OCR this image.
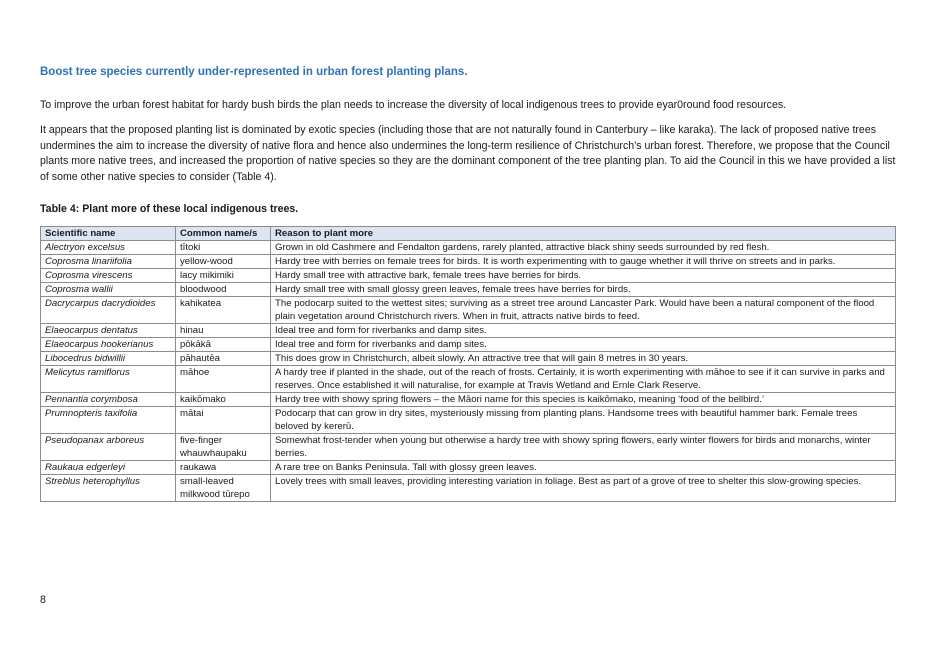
Boost tree species currently under-represented in urban forest planting plans.

To improve the urban forest habitat for hardy bush birds the plan needs to increase the diversity of local indigenous trees to provide eyar0round food resources.

It appears that the proposed planting list is dominated by exotic species (including those that are not naturally found in Canterbury – like karaka). The lack of proposed native trees undermines the aim to increase the diversity of native flora and hence also undermines the long-term resilience of Christchurch’s urban forest. Therefore, we propose that the Council plants more native trees, and increased the proportion of native species so they are the dominant component of the tree planting plan. To aid the Council in this we have provided a list of some other native species to consider (Table 4).

Table 4: Plant more of these local indigenous trees.
Scientific name	Common name/s	Reason to plant more
Alectryon excelsus	tītoki	Grown in old Cashmere and Fendalton gardens, rarely planted, attractive black shiny seeds surrounded by red flesh.
Coprosma linariifolia	yellow-wood	Hardy tree with berries on female trees for birds. It is worth experimenting with to gauge whether it will thrive on streets and in parks.
Coprosma virescens	lacy mikimiki	Hardy small tree with attractive bark, female trees have berries for birds.
Coprosma wallii	bloodwood	Hardy small tree with small glossy green leaves, female trees have berries for birds.
Dacrycarpus dacrydioides	kahikatea	The podocarp suited to the wettest sites; surviving as a street tree around Lancaster Park. Would have been a natural component of the flood plain vegetation around Christchurch rivers. When in fruit, attracts native birds to feed.
Elaeocarpus dentatus	hinau	Ideal tree and form for riverbanks and damp sites.
Elaeocarpus hookerianus	pōkākā	Ideal tree and form for riverbanks and damp sites.
Libocedrus bidwillii	pāhautēa	This does grow in Christchurch, albeit slowly. An attractive tree that will gain 8 metres in 30 years.
Melicytus ramiflorus	māhoe	A hardy tree if planted in the shade, out of the reach of frosts. Certainly, it is worth experimenting with māhoe to see if it can survive in parks and reserves. Once established it will naturalise, for example at Travis Wetland and Ernle Clark Reserve.
Pennantia corymbosa	kaikōmako	Hardy tree with showy spring flowers – the Māori name for this species is kaikōmako, meaning ‘food of the bellbird.’
Prumnopteris taxifolia	mātai	Podocarp that can grow in dry sites, mysteriously missing from planting plans. Handsome trees with beautiful hammer bark. Female trees beloved by kererū.
Pseudopanax arboreus	five-finger whauwhaupaku	Somewhat frost-tender when young but otherwise a hardy tree with showy spring flowers, early winter flowers for birds and monarchs, winter berries.
Raukaua edgerleyi	raukawa	A rare tree on Banks Peninsula. Tall with glossy green leaves.
Streblus heterophyllus	small-leaved milkwood tūrepo	Lovely trees with small leaves, providing interesting variation in foliage. Best as part of a grove of tree to shelter this slow-growing species.
8
